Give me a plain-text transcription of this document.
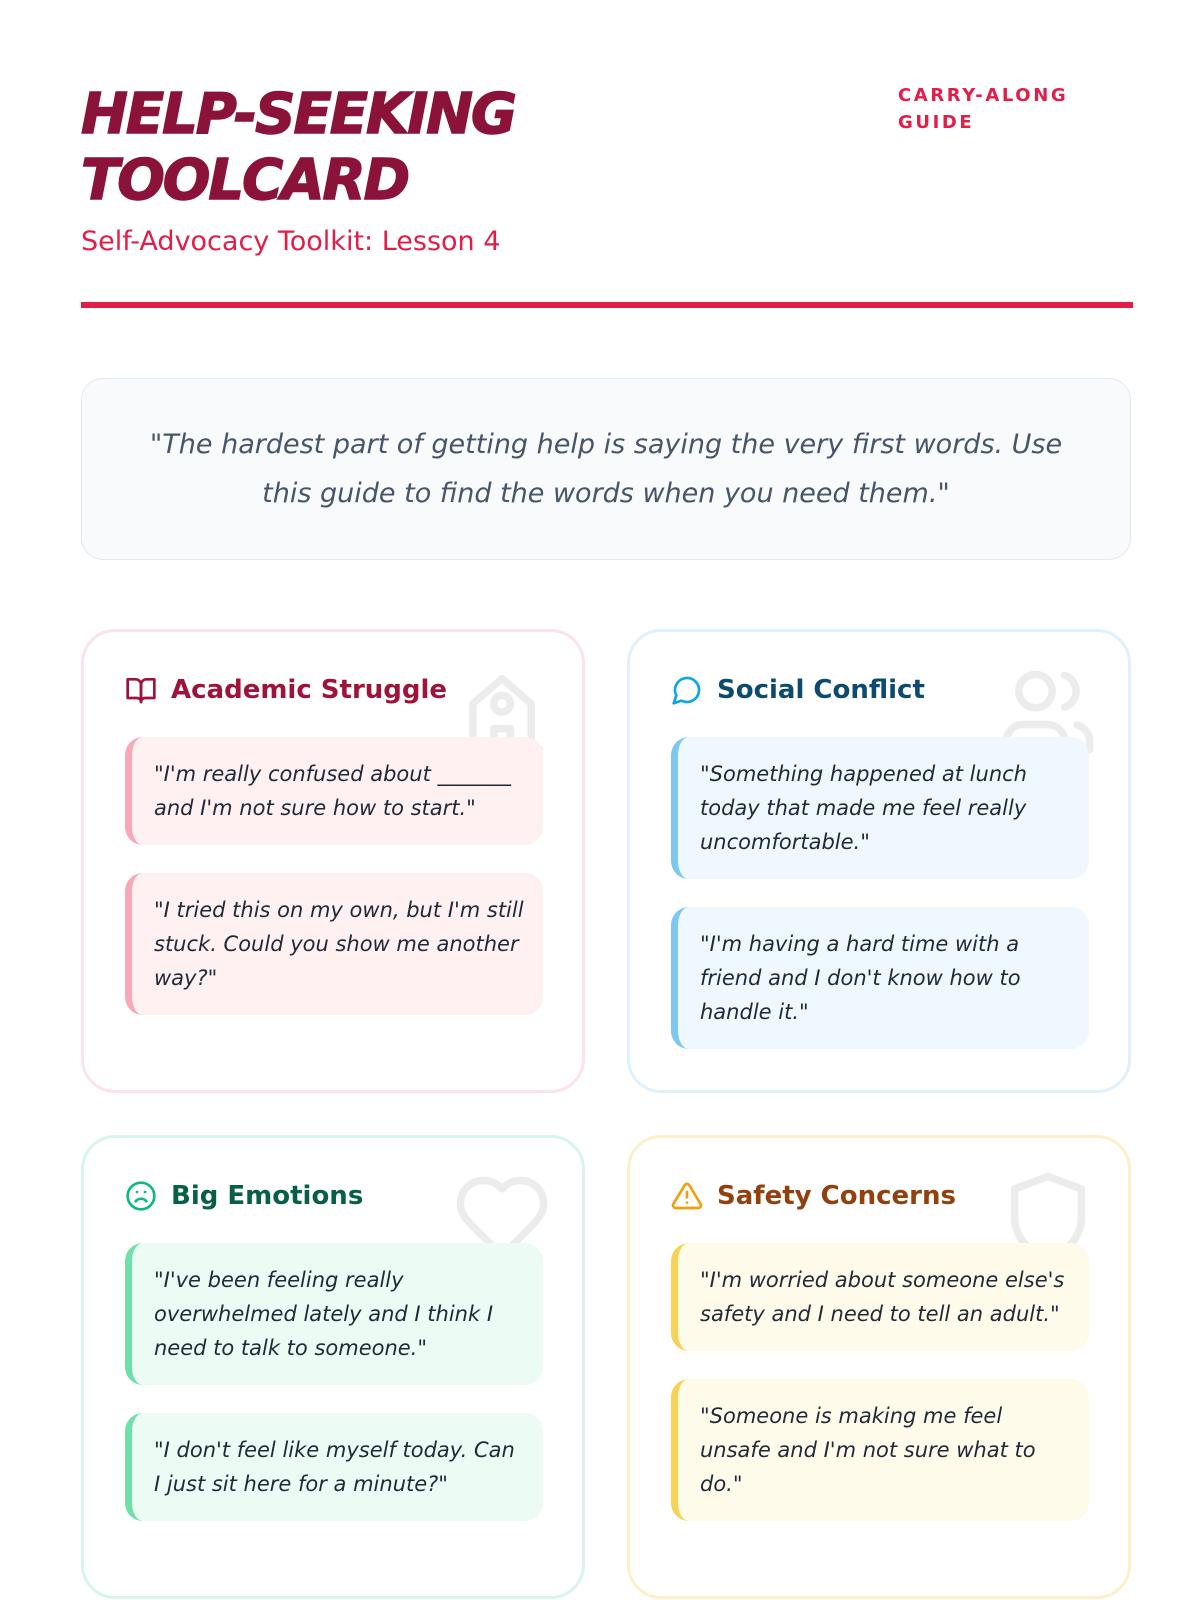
HELP-SEEKING
TOOLCARD
Self-Advocacy Toolkit: Lesson 4
CARRY-ALONG GUIDE
"The hardest part of getting help is saying the very first words. Use this guide to find the words when you need them."
Academic Struggle
"I'm really confused about _______ and I'm not sure how to start."
"I tried this on my own, but I'm still stuck. Could you show me another way?"
Social Conflict
"Something happened at lunch today that made me feel really uncomfortable."
"I'm having a hard time with a friend and I don't know how to handle it."
Big Emotions
"I've been feeling really overwhelmed lately and I think I need to talk to someone."
"I don't feel like myself today. Can I just sit here for a minute?"
Safety Concerns
"I'm worried about someone else's safety and I need to tell an adult."
"Someone is making me feel unsafe and I'm not sure what to do."
